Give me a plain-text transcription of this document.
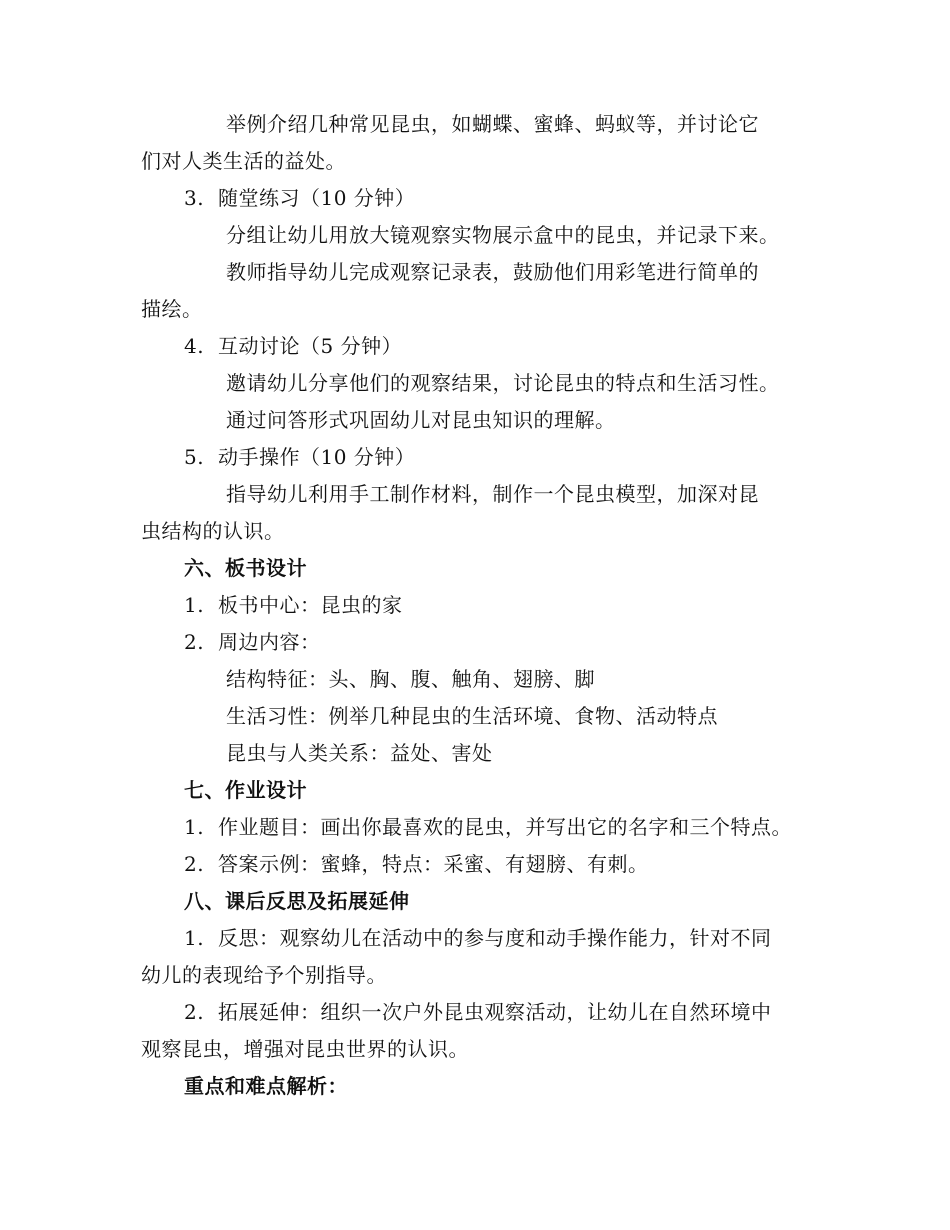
举例介绍几种常见昆虫，如蝴蝶、蜜蜂、蚂蚁等，并讨论它
们对人类生活的益处。
3. 随堂练习（10 分钟）
分组让幼儿用放大镜观察实物展示盒中的昆虫，并记录下来。
教师指导幼儿完成观察记录表，鼓励他们用彩笔进行简单的
描绘。
4. 互动讨论（5 分钟）
邀请幼儿分享他们的观察结果，讨论昆虫的特点和生活习性。
通过问答形式巩固幼儿对昆虫知识的理解。
5. 动手操作（10 分钟）
指导幼儿利用手工制作材料，制作一个昆虫模型，加深对昆
虫结构的认识。
六、板书设计
1. 板书中心：昆虫的家
2. 周边内容：
结构特征：头、胸、腹、触角、翅膀、脚
生活习性：例举几种昆虫的生活环境、食物、活动特点
昆虫与人类关系：益处、害处
七、作业设计
1. 作业题目：画出你最喜欢的昆虫，并写出它的名字和三个特点。
2. 答案示例：蜜蜂，特点：采蜜、有翅膀、有刺。
八、课后反思及拓展延伸
1. 反思：观察幼儿在活动中的参与度和动手操作能力，针对不同
幼儿的表现给予个别指导。
2. 拓展延伸：组织一次户外昆虫观察活动，让幼儿在自然环境中
观察昆虫，增强对昆虫世界的认识。
重点和难点解析：
